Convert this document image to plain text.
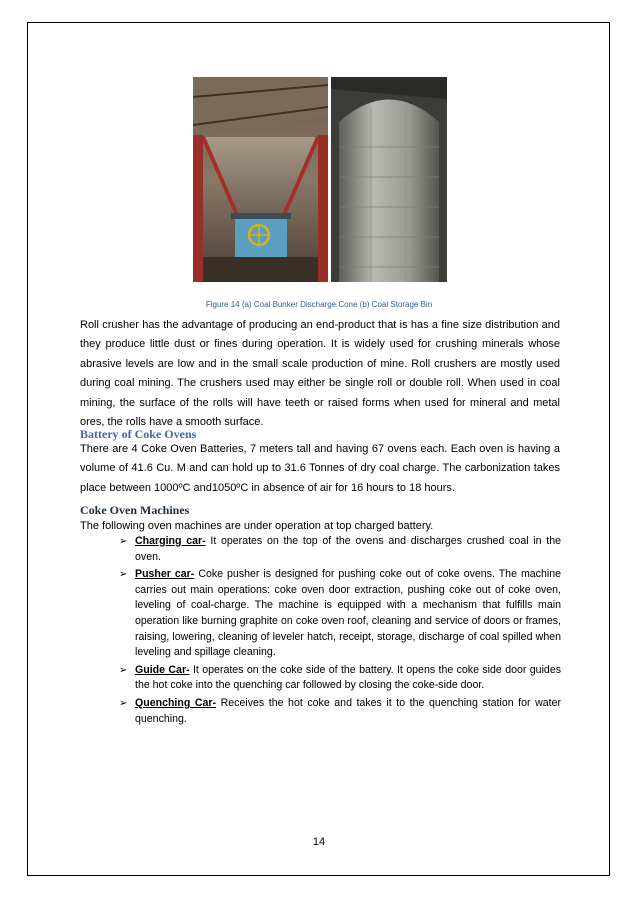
Figure 14 (a) Coal Bunker Discharge Cone (b) Coal Storage Bin

Roll crusher has the advantage of producing an end-product that is has a fine size distribution and they produce little dust or fines during operation. It is widely used for crushing minerals whose abrasive levels are low and in the small scale production of mine. Roll crushers are mostly used during coal mining. The crushers used may either be single roll or double roll. When used in coal mining, the surface of the rolls will have teeth or raised forms when used for mineral and metal ores, the rolls have a smooth surface.

Battery of Coke Ovens

There are 4 Coke Oven Batteries, 7 meters tall and having 67 ovens each. Each oven is having a volume of 41.6 Cu. M and can hold up to 31.6 Tonnes of dry coal charge. The carbonization takes place between 1000ºC and1050ºC in absence of air for 16 hours to 18 hours.

Coke Oven Machines

The following oven machines are under operation at top charged battery.

➢ Charging car- It operates on the top of the ovens and discharges crushed coal in the oven.
➢ Pusher car- Coke pusher is designed for pushing coke out of coke ovens. The machine carries out main operations: coke oven door extraction, pushing coke out of coke oven, leveling of coal-charge. The machine is equipped with a mechanism that fulfills main operation like burning graphite on coke oven roof, cleaning and service of doors or frames, raising, lowering, cleaning of leveler hatch, receipt, storage, discharge of coal spilled when leveling and spillage cleaning.
➢ Guide Car- It operates on the coke side of the battery. It opens the coke side door guides the hot coke into the quenching car followed by closing the coke-side door.
➢ Quenching Car- Receives the hot coke and takes it to the quenching station for water quenching.
14
